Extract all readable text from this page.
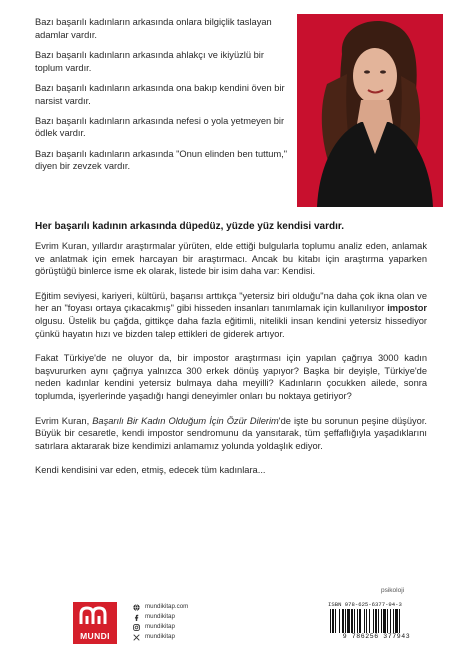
Bazı başarılı kadınların arkasında onlara bilgiçlik taslayan adamlar vardır.

Bazı başarılı kadınların arkasında ahlakçı ve ikiyüzlü bir toplum vardır.

Bazı başarılı kadınların arkasında ona bakıp kendini öven bir narsist vardır.

Bazı başarılı kadınların arkasında nefesi o yola yetmeyen bir ödlek vardır.

Bazı başarılı kadınların arkasında "Onun elinden ben tuttum," diyen bir zevzek vardır.

Her başarılı kadının arkasında düpedüz, yüzde yüz kendisi vardır.

Evrim Kuran, yıllardır araştırmalar yürüten, elde ettiği bulgularla toplumu analiz eden, anlamak ve anlatmak için emek harcayan bir araştırmacı. Ancak bu kitabı için araştırma yaparken görüştüğü binlerce isme ek olarak, listede bir isim daha var: Kendisi.

Eğitim seviyesi, kariyeri, kültürü, başarısı arttıkça "yetersiz biri olduğu"na daha çok ikna olan ve her an "foyası ortaya çıkacakmış" gibi hisseden insanları tanımlamak için kullanılıyor impostor olgusu. Üstelik bu çağda, gittikçe daha fazla eğitimli, nitelikli insan kendini yetersiz hissediyor çünkü hayatın hızı ve bizden talep ettikleri de giderek artıyor.

Fakat Türkiye'de ne oluyor da, bir impostor araştırması için yapılan çağrıya 3000 kadın başvururken aynı çağrıya yalnızca 300 erkek dönüş yapıyor? Başka bir deyişle, Türkiye'de neden kadınlar kendini yetersiz bulmaya daha meyilli? Kadınların çocukken ailede, sonra toplumda, işyerlerinde yaşadığı hangi deneyimler onları bu noktaya getiriyor?

Evrim Kuran, Başarılı Bir Kadın Olduğum İçin Özür Dilerim'de işte bu sorunun peşine düşüyor. Büyük bir cesaretle, kendi impostor sendromunu da yansıtarak, tüm şeffaflığıyla yaşadıklarını satırlara aktararak bize kendimizi anlamamız yolunda yoldaşlık ediyor.

Kendi kendisini var eden, etmiş, edecek tüm kadınlara...

MUNDI
mundikitap.com
mundikitap
mundikitap
mundikitap
psikoloji
ISBN 978-625-6377-94-3
9 786256 377943
